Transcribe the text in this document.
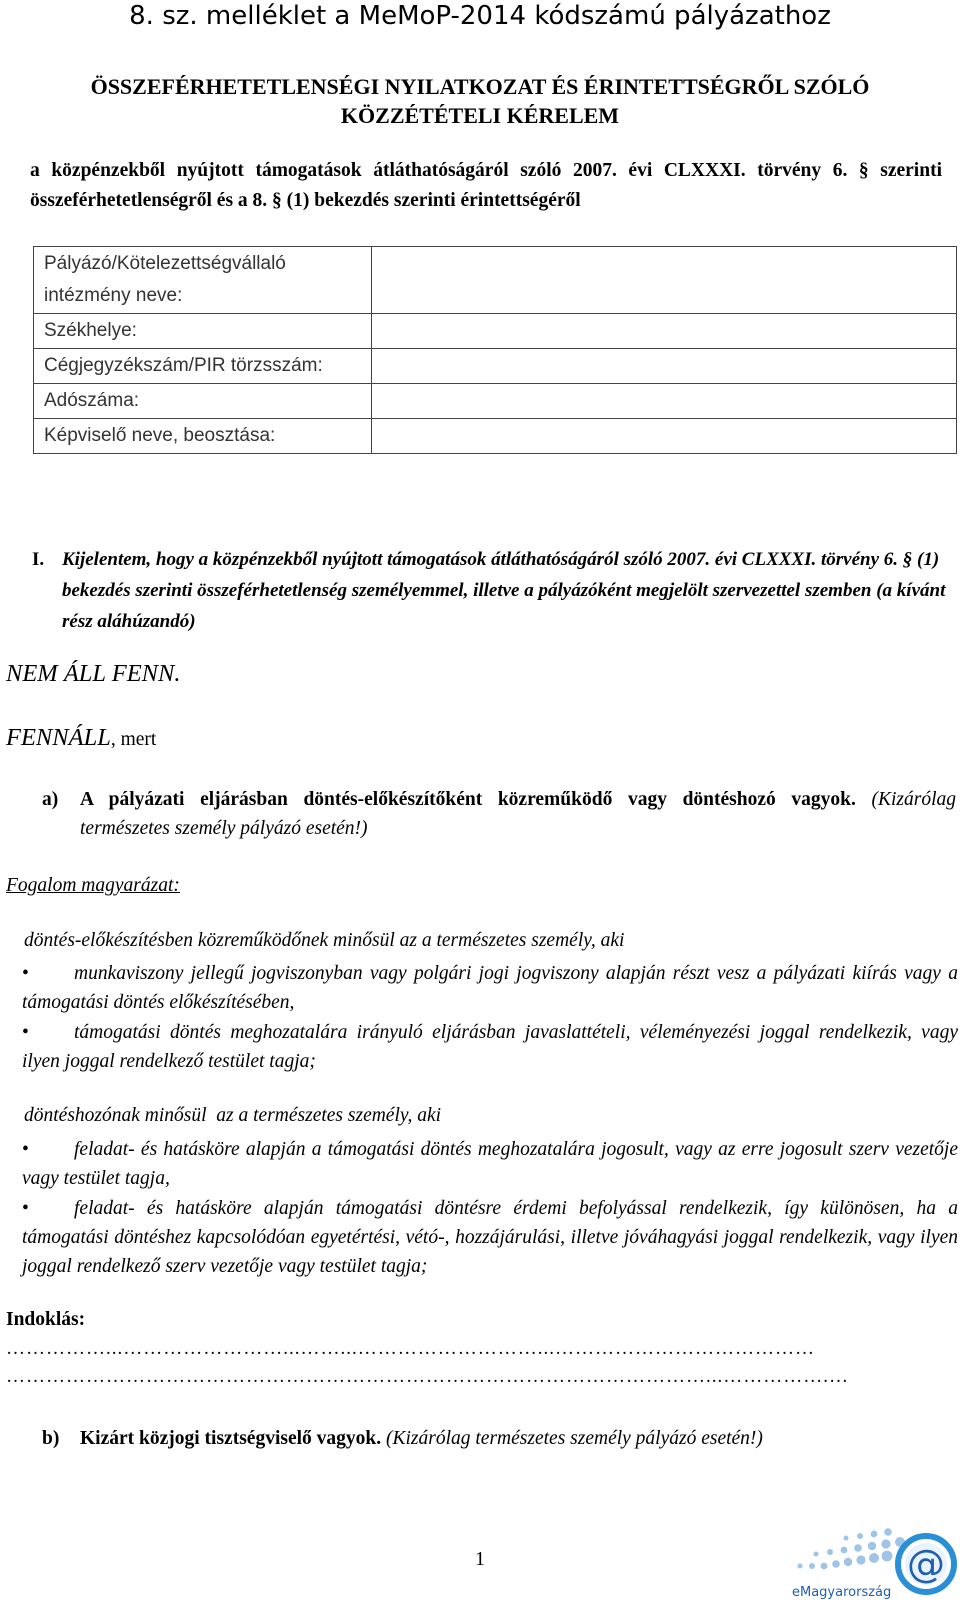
8. sz. melléklet a MeMoP-2014 kódszámú pályázathoz
ÖSSZEFÉRHETETLENSÉGI NYILATKOZAT ÉS ÉRINTETTSÉGRŐL SZÓLÓ
KÖZZÉTÉTELI KÉRELEM
a közpénzekből nyújtott támogatások átláthatóságáról szóló 2007. évi CLXXXI. törvény 6. § szerinti összeférhetetlenségről és a 8. § (1) bekezdés szerinti érintettségéről
Pályázó/Kötelezettségvállaló intézmény neve:	
Székhelye:	
Cégjegyzékszám/PIR törzsszám:	
Adószáma:	
Képviselő neve, beosztása:	
I. Kijelentem, hogy a közpénzekből nyújtott támogatások átláthatóságáról szóló 2007. évi CLXXXI. törvény 6. § (1) bekezdés szerinti összeférhetetlenség személyemmel, illetve a pályázóként megjelölt szervezettel szemben (a kívánt rész aláhúzandó)
NEM ÁLL FENN.
FENNÁLL, mert
a) A pályázati eljárásban döntés-előkészítőként közreműködő vagy döntéshozó vagyok. (Kizárólag természetes személy pályázó esetén!)
Fogalom magyarázat:
döntés-előkészítésben közreműködőnek minősül az a természetes személy, aki
• munkaviszony jellegű jogviszonyban vagy polgári jogi jogviszony alapján részt vesz a pályázati kiírás vagy a támogatási döntés előkészítésében,
• támogatási döntés meghozatalára irányuló eljárásban javaslattételi, véleményezési joggal rendelkezik, vagy ilyen joggal rendelkező testület tagja;
döntéshozónak minősül  az a természetes személy, aki
• feladat- és hatásköre alapján a támogatási döntés meghozatalára jogosult, vagy az erre jogosult szerv vezetője vagy testület tagja,
• feladat- és hatásköre alapján támogatási döntésre érdemi befolyással rendelkezik, így különösen, ha a támogatási döntéshez kapcsolódóan egyetértési, vétó-, hozzájárulási, illetve jóváhagyási joggal rendelkezik, vagy ilyen joggal rendelkező szerv vezetője vagy testület tagja;
Indoklás:
……………...……………………...……...………………………...…………………………………
……………………………………………………………………………………………...…………….…
b) Kizárt közjogi tisztségviselő vagyok. (Kizárólag természetes személy pályázó esetén!)
1	@
eMagyarország
